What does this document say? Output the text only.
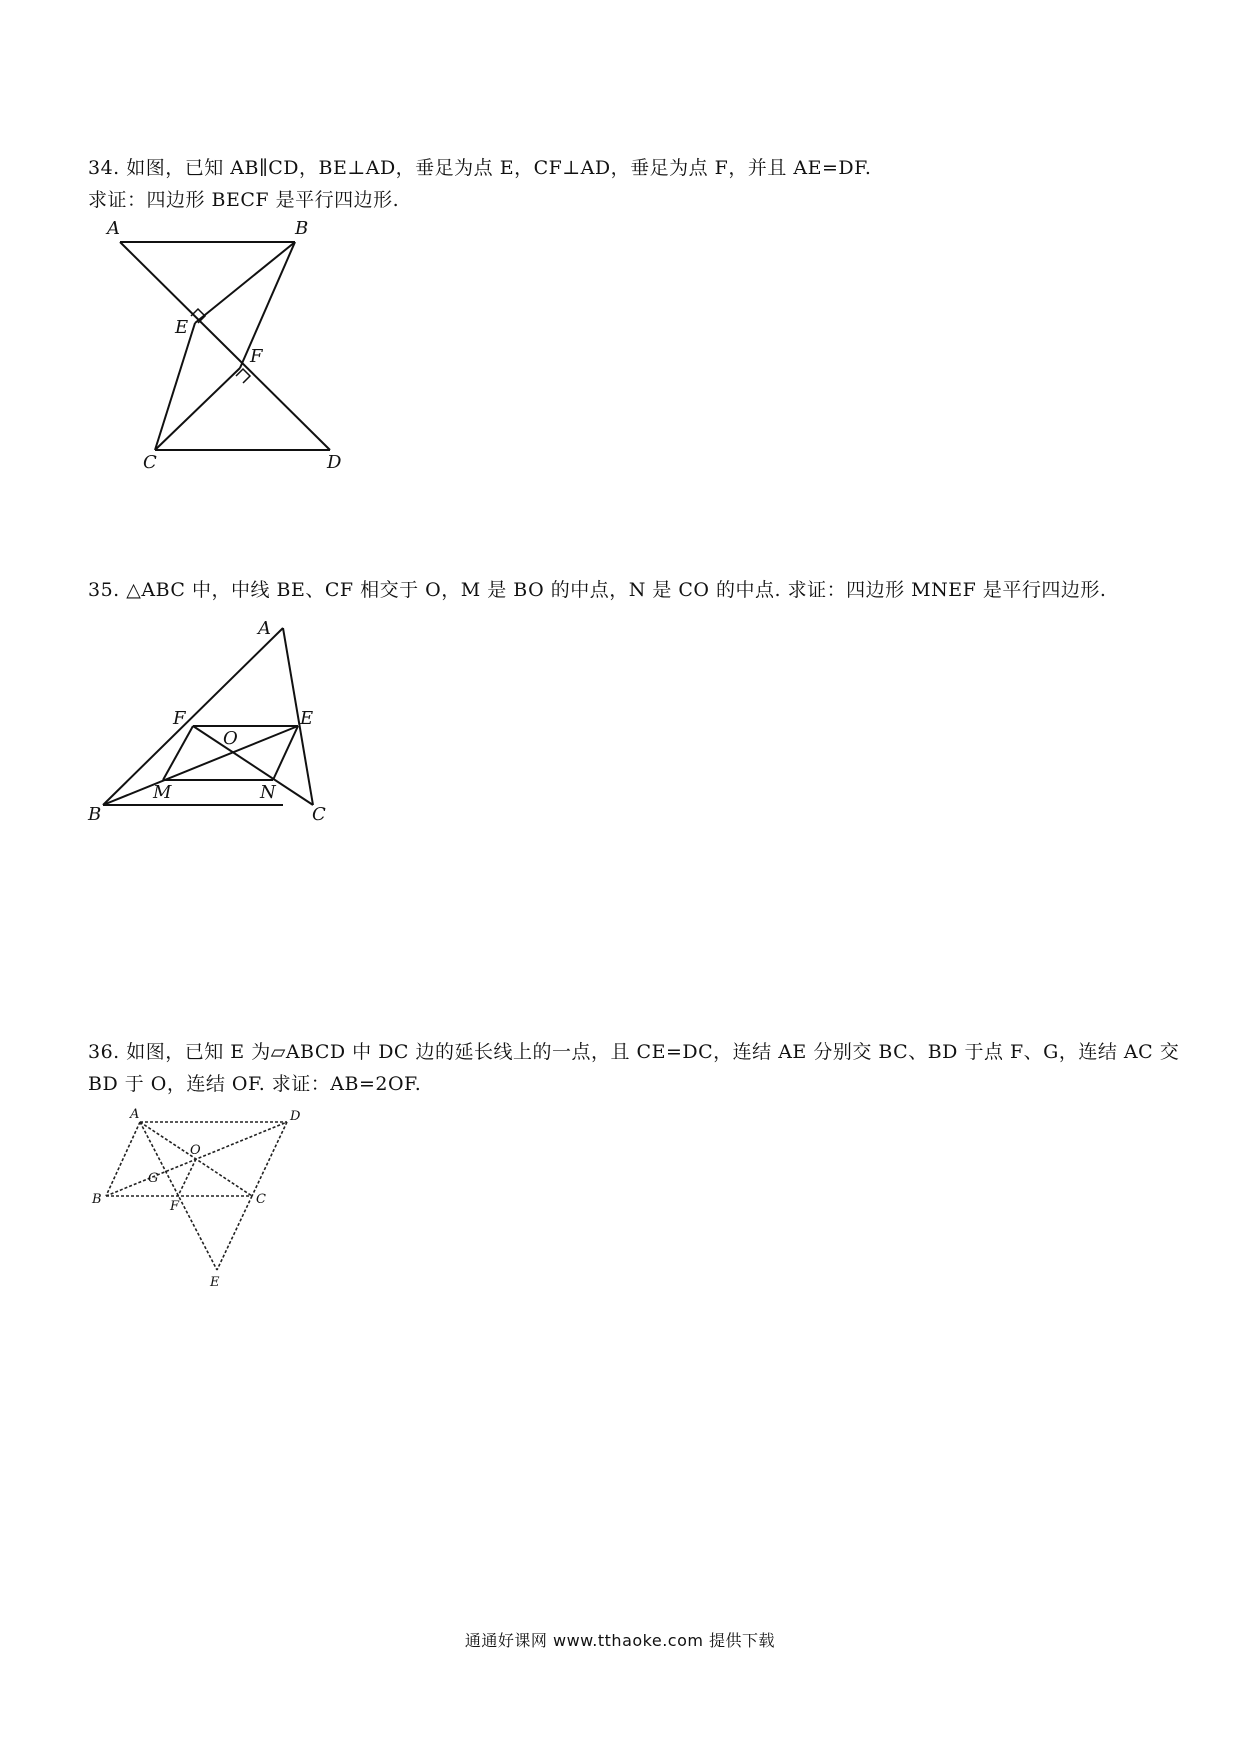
34. 如图，已知 AB∥CD，BE⊥AD，垂足为点 E，CF⊥AD，垂足为点 F，并且 AE=DF.
求证：四边形 BECF 是平行四边形.
A	B
C	D
E
F
35. △ABC 中，中线 BE、CF 相交于 O，M 是 BO 的中点，N 是 CO 的中点. 求证：四边形 MNEF 是平行四边形.
A
B	C
E
F
O
M	N
36. 如图，已知 E 为▱ABCD 中 DC 边的延长线上的一点，且 CE=DC，连结 AE 分别交 BC、BD 于点 F、G，连结 AC 交
BD 于 O，连结 OF. 求证：AB=2OF.
A
B	C
D
E
F
G
O
通通好课网 www.tthaoke.com 提供下载
